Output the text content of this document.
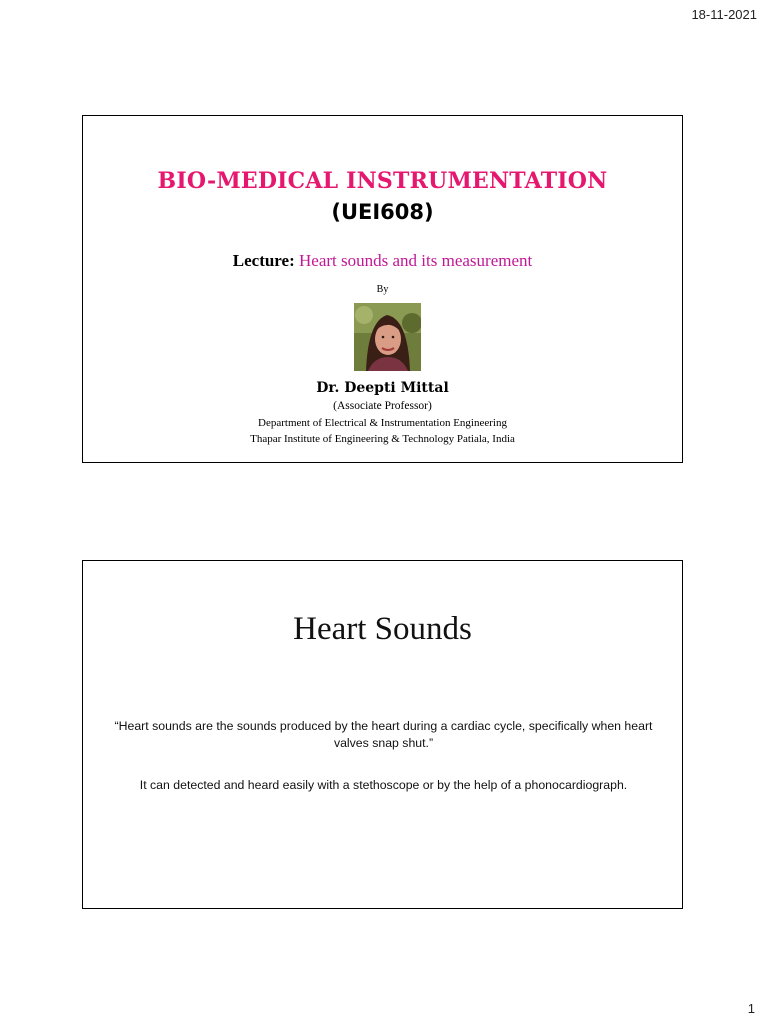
18-11-2021
BIO-MEDICAL INSTRUMENTATION
(UEI608)
Lecture: Heart sounds and its measurement
By
Dr. Deepti Mittal
(Associate Professor)
Department of Electrical & Instrumentation Engineering
Thapar Institute of Engineering & Technology Patiala, India
Heart Sounds
“Heart sounds are the sounds produced by the heart during a cardiac cycle, specifically when heart valves snap shut.”
It can detected and heard easily with a stethoscope or by the help of a phonocardiograph.
1
